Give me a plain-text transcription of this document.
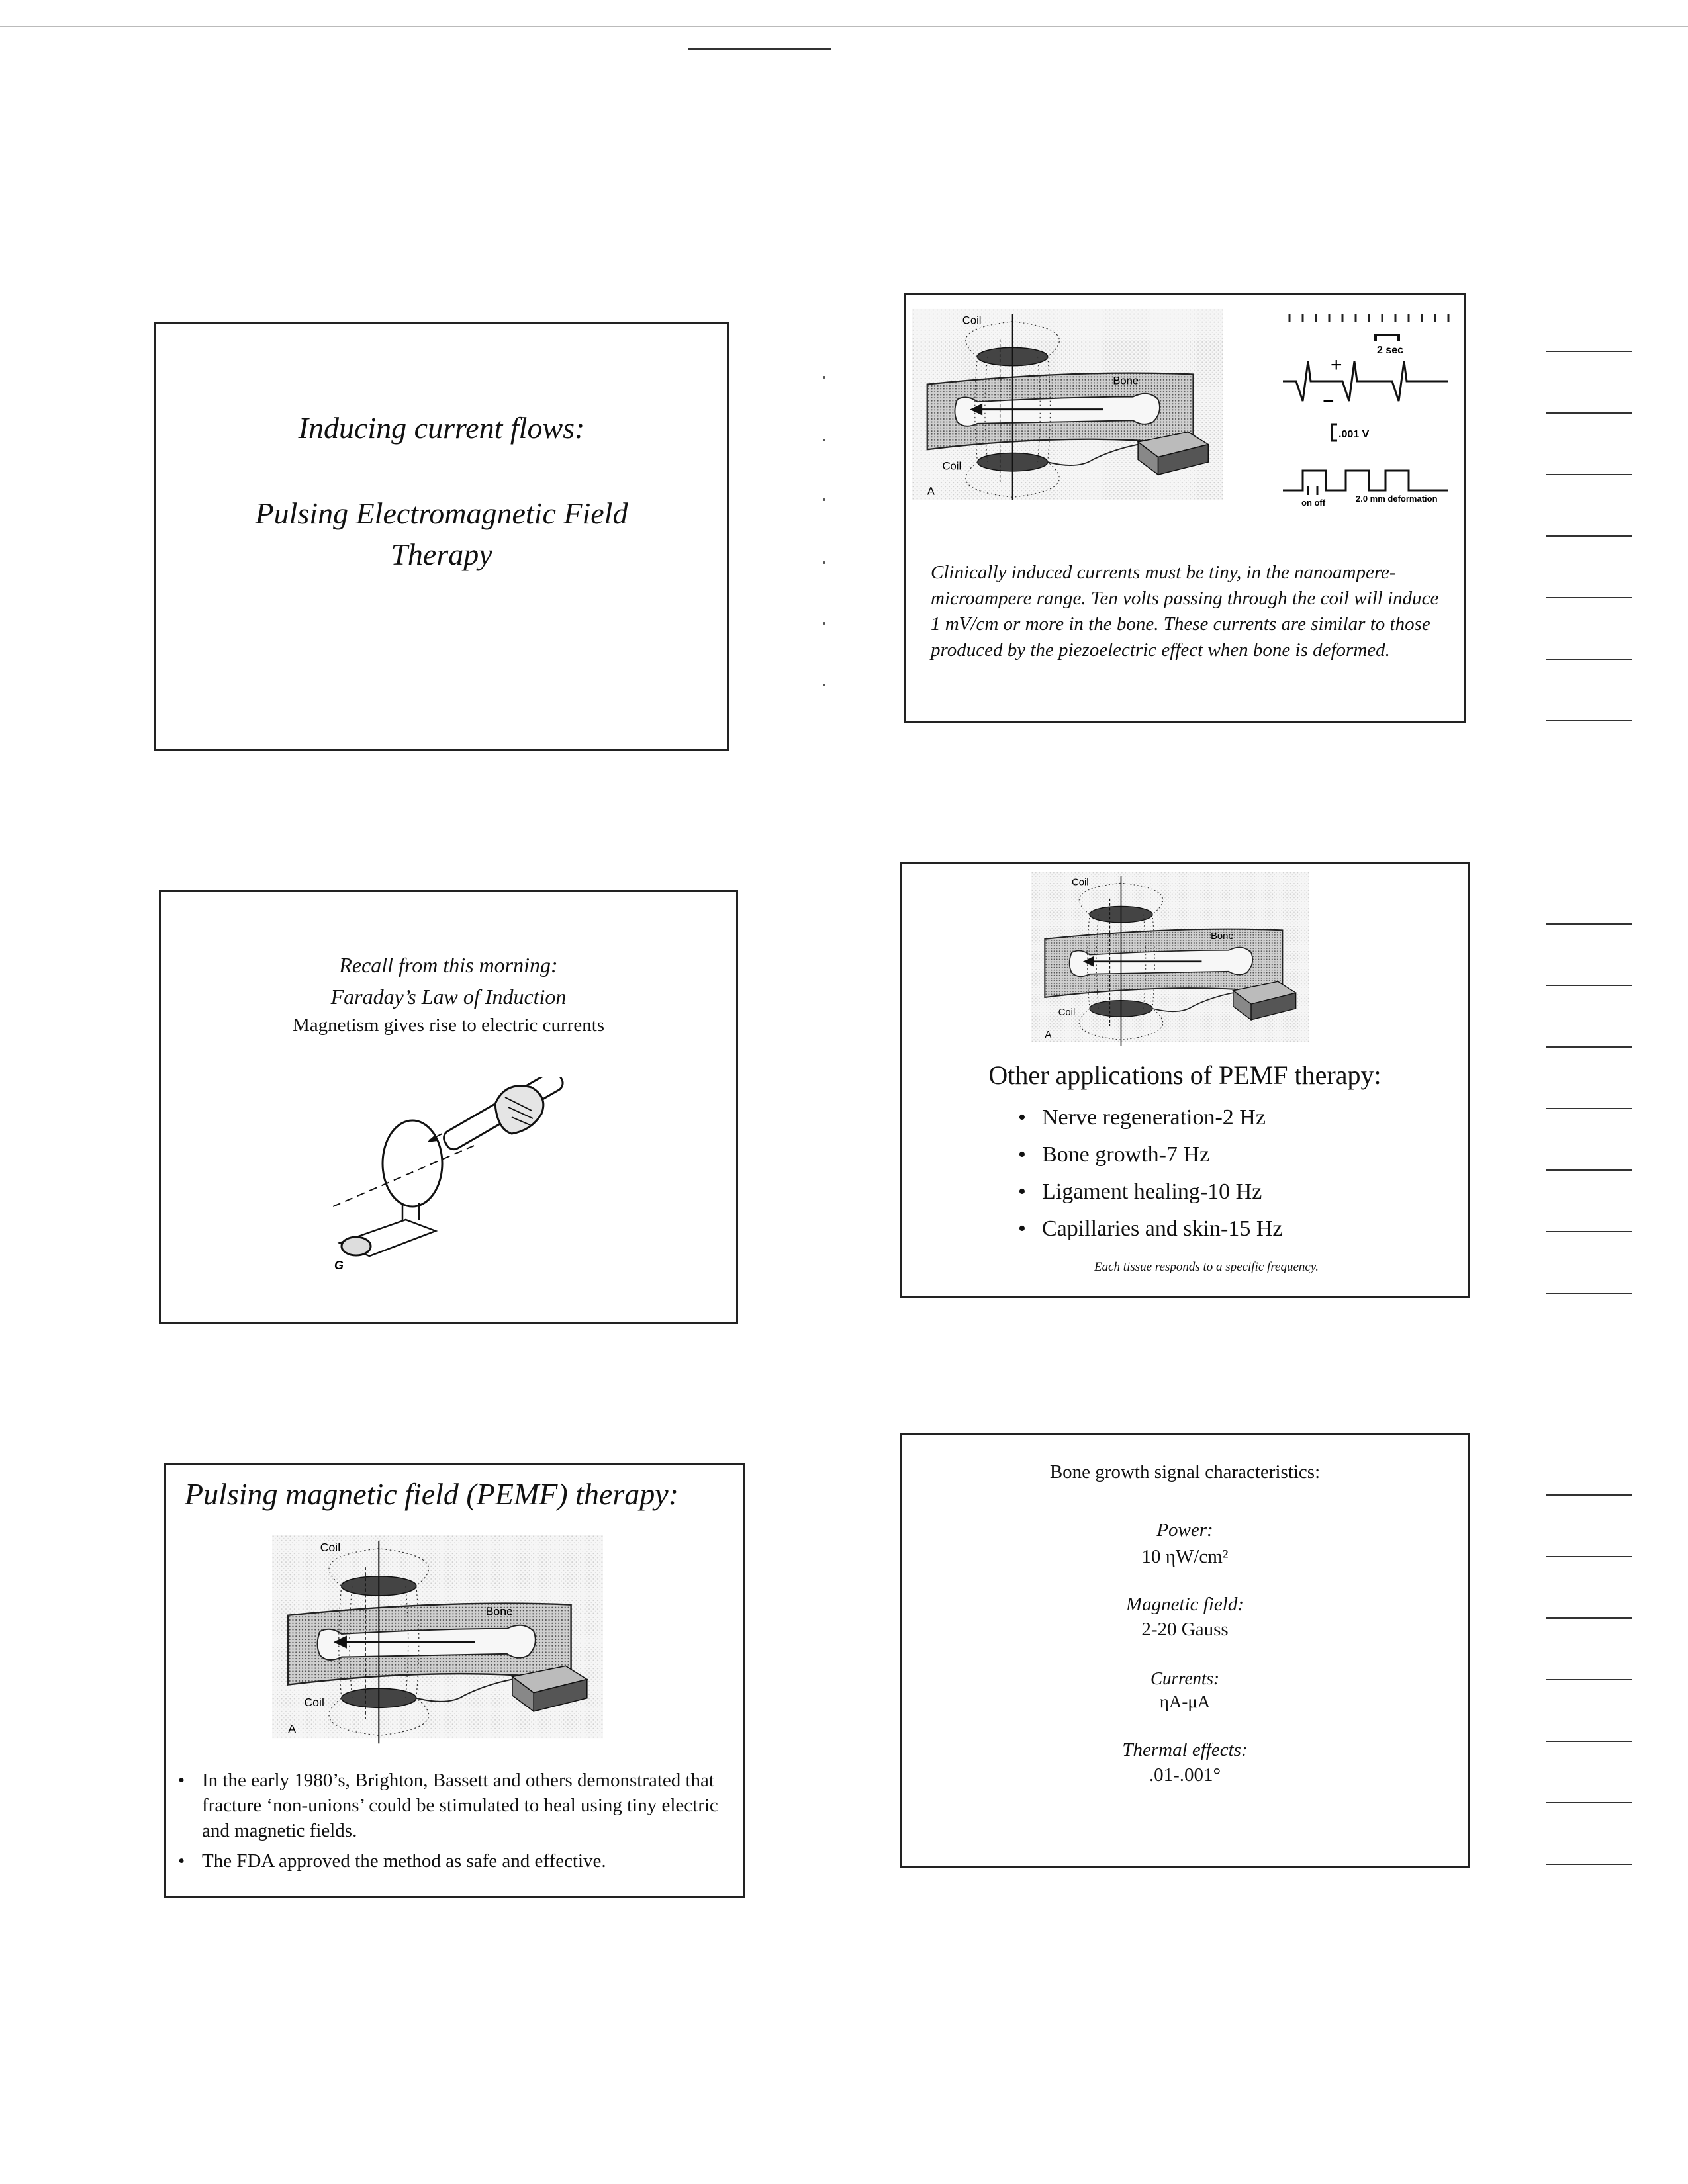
Inducing current flows:
Pulsing Electromagnetic Field Therapy
Coil
Coil
Bone
A
2 sec
+
−
.001 V
on off	2.0 mm deformation
Clinically induced currents must be tiny, in the nanoampere-microampere range. Ten volts passing through the coil will induce 1 mV/cm or more in the bone. These currents are similar to those produced by the piezoelectric effect when bone is deformed.
Recall from this morning:
Faraday’s Law of Induction
Magnetism gives rise to electric currents
G
Coil
Coil
Bone
A
Other applications of PEMF therapy:
• Nerve regeneration-2 Hz
• Bone growth-7 Hz
• Ligament healing-10 Hz
• Capillaries and skin-15 Hz
Each tissue responds to a specific frequency.
Pulsing magnetic field (PEMF) therapy:
Coil
Coil
Bone
A
• In the early 1980’s, Brighton, Bassett and others demonstrated that fracture ‘non-unions’ could be stimulated to heal using tiny electric and magnetic fields.
• The FDA approved the method as safe and effective.
Bone growth signal characteristics:
Power:
10 ηW/cm²
Magnetic field:
2-20 Gauss
Currents:
ηA-μA
Thermal effects:
.01-.001°
